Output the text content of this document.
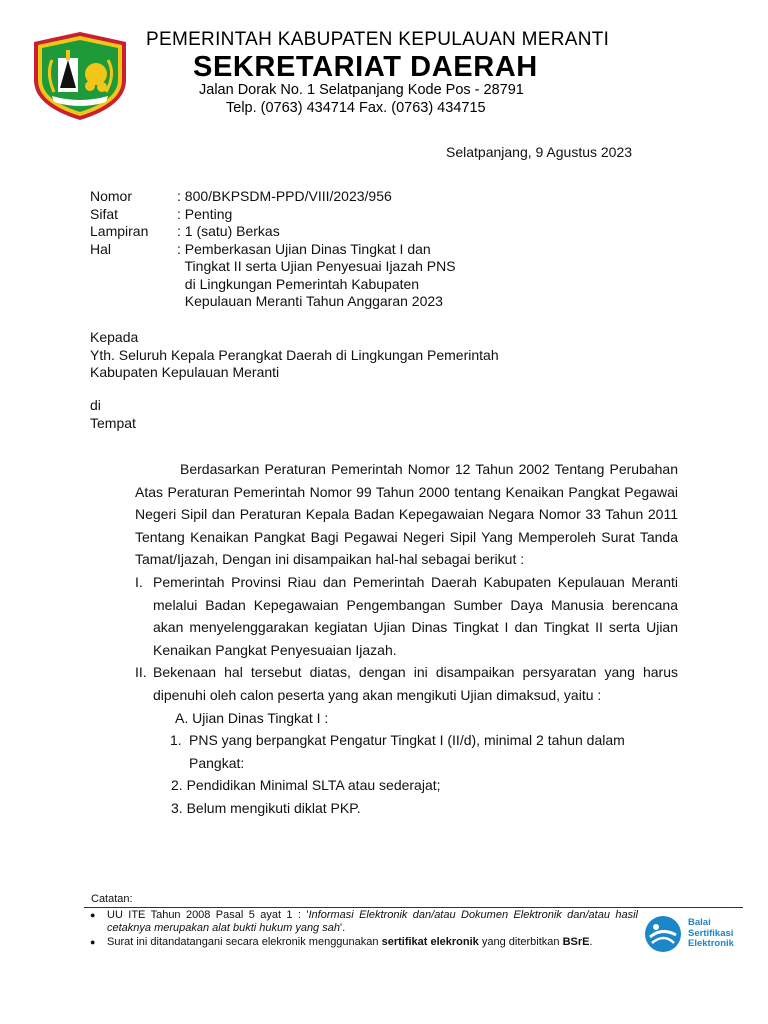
PEMERINTAH KABUPATEN KEPULAUAN MERANTI
SEKRETARIAT DAERAH
Jalan Dorak No. 1 Selatpanjang Kode Pos - 28791
Telp. (0763) 434714 Fax. (0763) 434715
Selatpanjang, 9 Agustus 2023
Nomor	: 800/BKPSDM-PPD/VIII/2023/956
Sifat	: Penting
Lampiran	: 1 (satu) Berkas
Hal	: Pemberkasan Ujian Dinas Tingkat I dan
Tingkat II serta Ujian Penyesuai Ijazah PNS
di Lingkungan Pemerintah Kabupaten
Kepulauan Meranti Tahun Anggaran 2023
Kepada
Yth. Seluruh Kepala Perangkat Daerah di Lingkungan Pemerintah
Kabupaten Kepulauan Meranti
di
Tempat
Berdasarkan Peraturan Pemerintah Nomor 12 Tahun 2002 Tentang Perubahan Atas Peraturan Pemerintah Nomor 99 Tahun 2000 tentang Kenaikan Pangkat Pegawai Negeri Sipil dan Peraturan Kepala Badan Kepegawaian Negara Nomor 33 Tahun 2011 Tentang Kenaikan Pangkat Bagi Pegawai Negeri Sipil Yang Memperoleh Surat Tanda Tamat/Ijazah, Dengan ini disampaikan hal-hal sebagai berikut :
I. Pemerintah Provinsi Riau dan Pemerintah Daerah Kabupaten Kepulauan Meranti melalui Badan Kepegawaian Pengembangan Sumber Daya Manusia berencana akan menyelenggarakan kegiatan Ujian Dinas Tingkat I dan Tingkat II serta Ujian Kenaikan Pangkat Penyesuaian Ijazah.
II. Bekenaan hal tersebut diatas, dengan ini disampaikan persyaratan yang harus dipenuhi oleh calon peserta yang akan mengikuti Ujian dimaksud, yaitu :
A. Ujian Dinas Tingkat I :
1. PNS yang berpangkat Pengatur Tingkat I (II/d), minimal 2 tahun dalam Pangkat:
2. Pendidikan Minimal SLTA atau sederajat;
3. Belum mengikuti diklat PKP.
Catatan:
●	UU ITE Tahun 2008 Pasal 5 ayat 1 : 'Informasi Elektronik dan/atau Dokumen Elektronik dan/atau hasil cetaknya merupakan alat bukti hukum yang sah'.
●	Surat ini ditandatangani secara elekronik menggunakan sertifikat elekronik yang diterbitkan BSrE.
Balai
Sertifikasi
Elektronik
